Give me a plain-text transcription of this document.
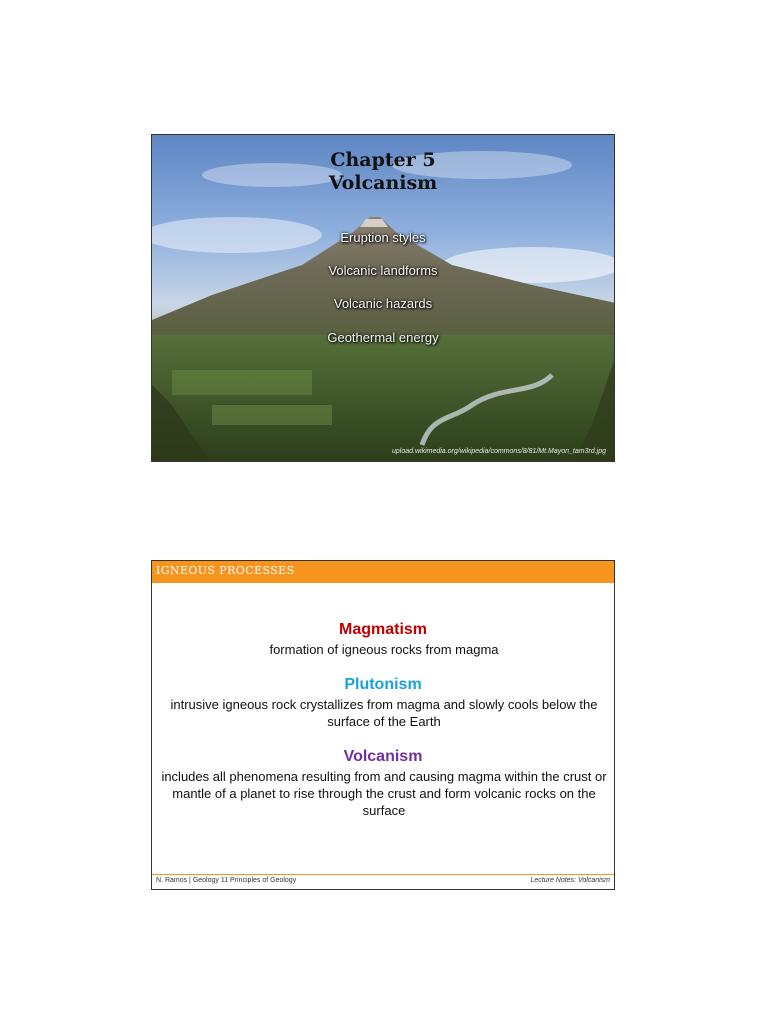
Chapter 5
Volcanism
Eruption styles
Volcanic landforms
Volcanic hazards
Geothermal energy
upload.wikimedia.org/wikipedia/commons/8/81/Mt.Mayon_tam3rd.jpg
IGNEOUS PROCESSES
Magmatism
formation of igneous rocks from magma
Plutonism
intrusive igneous rock crystallizes from magma and slowly cools below the surface of the Earth
Volcanism
includes all phenomena resulting from and causing magma within the crust or mantle of a planet to rise through the crust and form volcanic rocks on the surface
N. Ramos | Geology 11 Principles of Geology	Lecture Notes: Volcanism
